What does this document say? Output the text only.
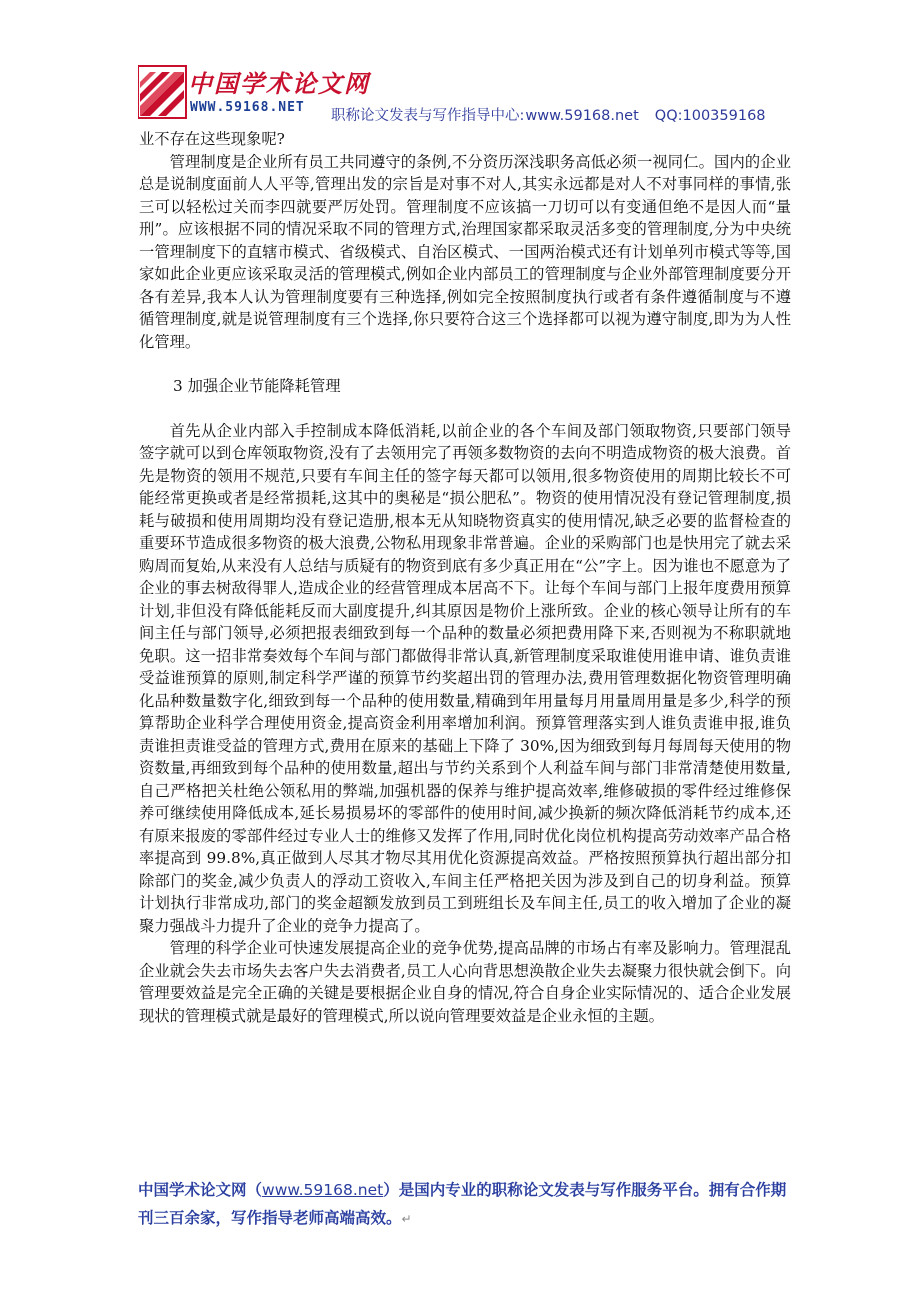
中国学术论文网
WWW.59168.NET
职称论文发表与写作指导中心:www.59168.net QQ:100359168

业不存在这些现象呢?

管理制度是企业所有员工共同遵守的条例,不分资历深浅职务高低必须一视同仁。国内的企业总是说制度面前人人平等,管理出发的宗旨是对事不对人,其实永远都是对人不对事同样的事情,张三可以轻松过关而李四就要严厉处罚。管理制度不应该搞一刀切可以有变通但绝不是因人而“量刑”。应该根据不同的情况采取不同的管理方式,治理国家都采取灵活多变的管理制度,分为中央统一管理制度下的直辖市模式、省级模式、自治区模式、一国两治模式还有计划单列市模式等等,国家如此企业更应该采取灵活的管理模式,例如企业内部员工的管理制度与企业外部管理制度要分开各有差异,我本人认为管理制度要有三种选择,例如完全按照制度执行或者有条件遵循制度与不遵循管理制度,就是说管理制度有三个选择,你只要符合这三个选择都可以视为遵守制度,即为为人性化管理。

3 加强企业节能降耗管理

首先从企业内部入手控制成本降低消耗,以前企业的各个车间及部门领取物资,只要部门领导签字就可以到仓库领取物资,没有了去领用完了再领多数物资的去向不明造成物资的极大浪费。首先是物资的领用不规范,只要有车间主任的签字每天都可以领用,很多物资使用的周期比较长不可能经常更换或者是经常损耗,这其中的奥秘是“损公肥私”。物资的使用情况没有登记管理制度,损耗与破损和使用周期均没有登记造册,根本无从知晓物资真实的使用情况,缺乏必要的监督检查的重要环节造成很多物资的极大浪费,公物私用现象非常普遍。企业的采购部门也是快用完了就去采购周而复始,从来没有人总结与质疑有的物资到底有多少真正用在“公”字上。因为谁也不愿意为了企业的事去树敌得罪人,造成企业的经营管理成本居高不下。让每个车间与部门上报年度费用预算计划,非但没有降低能耗反而大副度提升,纠其原因是物价上涨所致。企业的核心领导让所有的车间主任与部门领导,必须把报表细致到每一个品种的数量必须把费用降下来,否则视为不称职就地免职。这一招非常奏效每个车间与部门都做得非常认真,新管理制度采取谁使用谁申请、谁负责谁受益谁预算的原则,制定科学严谨的预算节约奖超出罚的管理办法,费用管理数据化物资管理明确化品种数量数字化,细致到每一个品种的使用数量,精确到年用量每月用量周用量是多少,科学的预算帮助企业科学合理使用资金,提高资金利用率增加利润。预算管理落实到人谁负责谁申报,谁负责谁担责谁受益的管理方式,费用在原来的基础上下降了 30%,因为细致到每月每周每天使用的物资数量,再细致到每个品种的使用数量,超出与节约关系到个人利益车间与部门非常清楚使用数量,自己严格把关杜绝公领私用的弊端,加强机器的保养与维护提高效率,维修破损的零件经过维修保养可继续使用降低成本,延长易损易坏的零部件的使用时间,减少换新的频次降低消耗节约成本,还有原来报废的零部件经过专业人士的维修又发挥了作用,同时优化岗位机构提高劳动效率产品合格率提高到 99.8%,真正做到人尽其才物尽其用优化资源提高效益。严格按照预算执行超出部分扣除部门的奖金,减少负责人的浮动工资收入,车间主任严格把关因为涉及到自己的切身利益。预算计划执行非常成功,部门的奖金超额发放到员工到班组长及车间主任,员工的收入增加了企业的凝聚力强战斗力提升了企业的竞争力提高了。

管理的科学企业可快速发展提高企业的竞争优势,提高品牌的市场占有率及影响力。管理混乱企业就会失去市场失去客户失去消费者,员工人心向背思想涣散企业失去凝聚力很快就会倒下。向管理要效益是完全正确的关键是要根据企业自身的情况,符合自身企业实际情况的、适合企业发展现状的管理模式就是最好的管理模式,所以说向管理要效益是企业永恒的主题。

中国学术论文网（www.59168.net）是国内专业的职称论文发表与写作服务平台。拥有合作期刊三百余家，写作指导老师高端高效。↵
